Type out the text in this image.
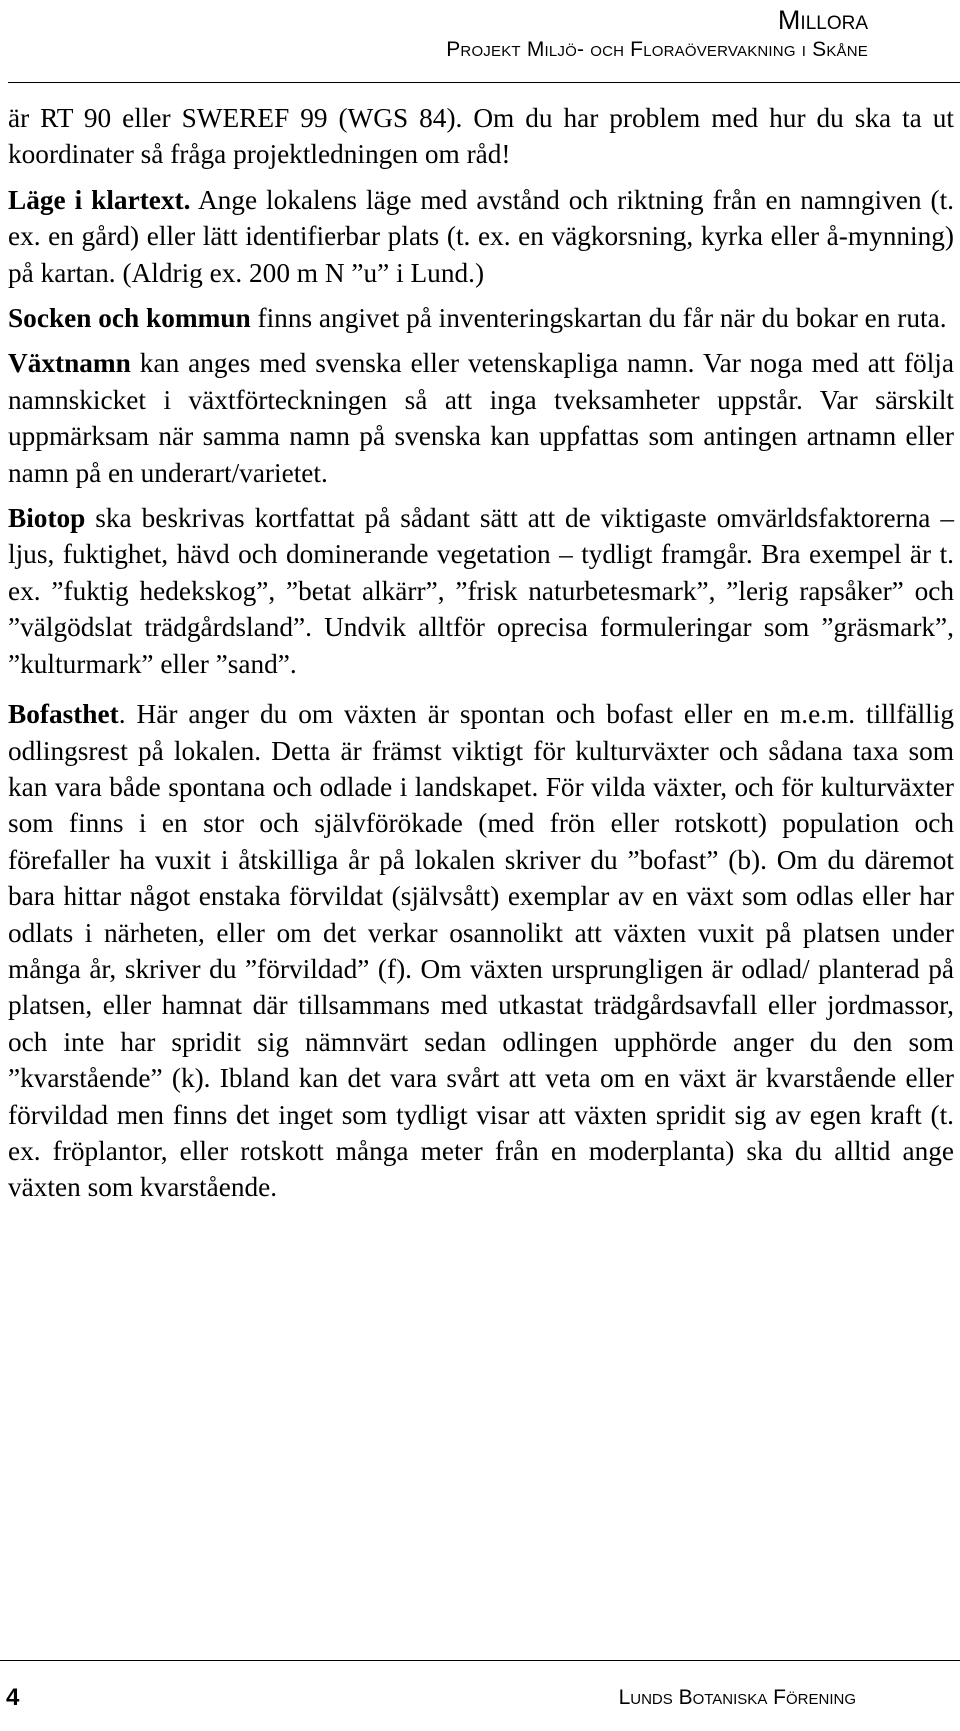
Millora
Projekt Miljö- och Floraövervakning i Skåne

är RT 90 eller SWEREF 99 (WGS 84). Om du har problem med hur du ska ta ut koordinater så fråga projektledningen om råd!

Läge i klartext. Ange lokalens läge med avstånd och riktning från en namngiven (t. ex. en gård) eller lätt identifierbar plats (t. ex. en vägkorsning, kyrka eller å-mynning) på kartan. (Aldrig ex. 200 m N ”u” i Lund.)

Socken och kommun finns angivet på inventeringskartan du får när du bokar en ruta.

Växtnamn kan anges med svenska eller vetenskapliga namn. Var noga med att följa namnskicket i växtförteckningen så att inga tveksamheter uppstår. Var särskilt uppmärksam när samma namn på svenska kan uppfattas som antingen artnamn eller namn på en underart/varietet.

Biotop ska beskrivas kortfattat på sådant sätt att de viktigaste omvärldsfaktorerna – ljus, fuktighet, hävd och dominerande vegetation – tydligt framgår. Bra exempel är t. ex. ”fuktig hedekskog”, ”betat alkärr”, ”frisk naturbetesmark”, ”lerig rapsåker” och ”välgödslat trädgårdsland”. Undvik alltför oprecisa formuleringar som ”gräsmark”, ”kulturmark” eller ”sand”.

Bofasthet. Här anger du om växten är spontan och bofast eller en m.e.m. tillfällig odlingsrest på lokalen. Detta är främst viktigt för kulturväxter och sådana taxa som kan vara både spontana och odlade i landskapet. För vilda växter, och för kulturväxter som finns i en stor och självförökade (med frön eller rotskott) population och förefaller ha vuxit i åtskilliga år på lokalen skriver du ”bofast” (b). Om du däremot bara hittar något enstaka förvildat (självsått) exemplar av en växt som odlas eller har odlats i närheten, eller om det verkar osannolikt att växten vuxit på platsen under många år, skriver du ”förvildad” (f). Om växten ursprungligen är odlad/ planterad på platsen, eller hamnat där tillsammans med utkastat trädgårdsavfall eller jordmassor, och inte har spridit sig nämnvärt sedan odlingen upphörde anger du den som ”kvarstående” (k). Ibland kan det vara svårt att veta om en växt är kvarstående eller förvildad men finns det inget som tydligt visar att växten spridit sig av egen kraft (t. ex. fröplantor, eller rotskott många meter från en moderplanta) ska du alltid ange växten som kvarstående.

4	Lunds Botaniska Förening
